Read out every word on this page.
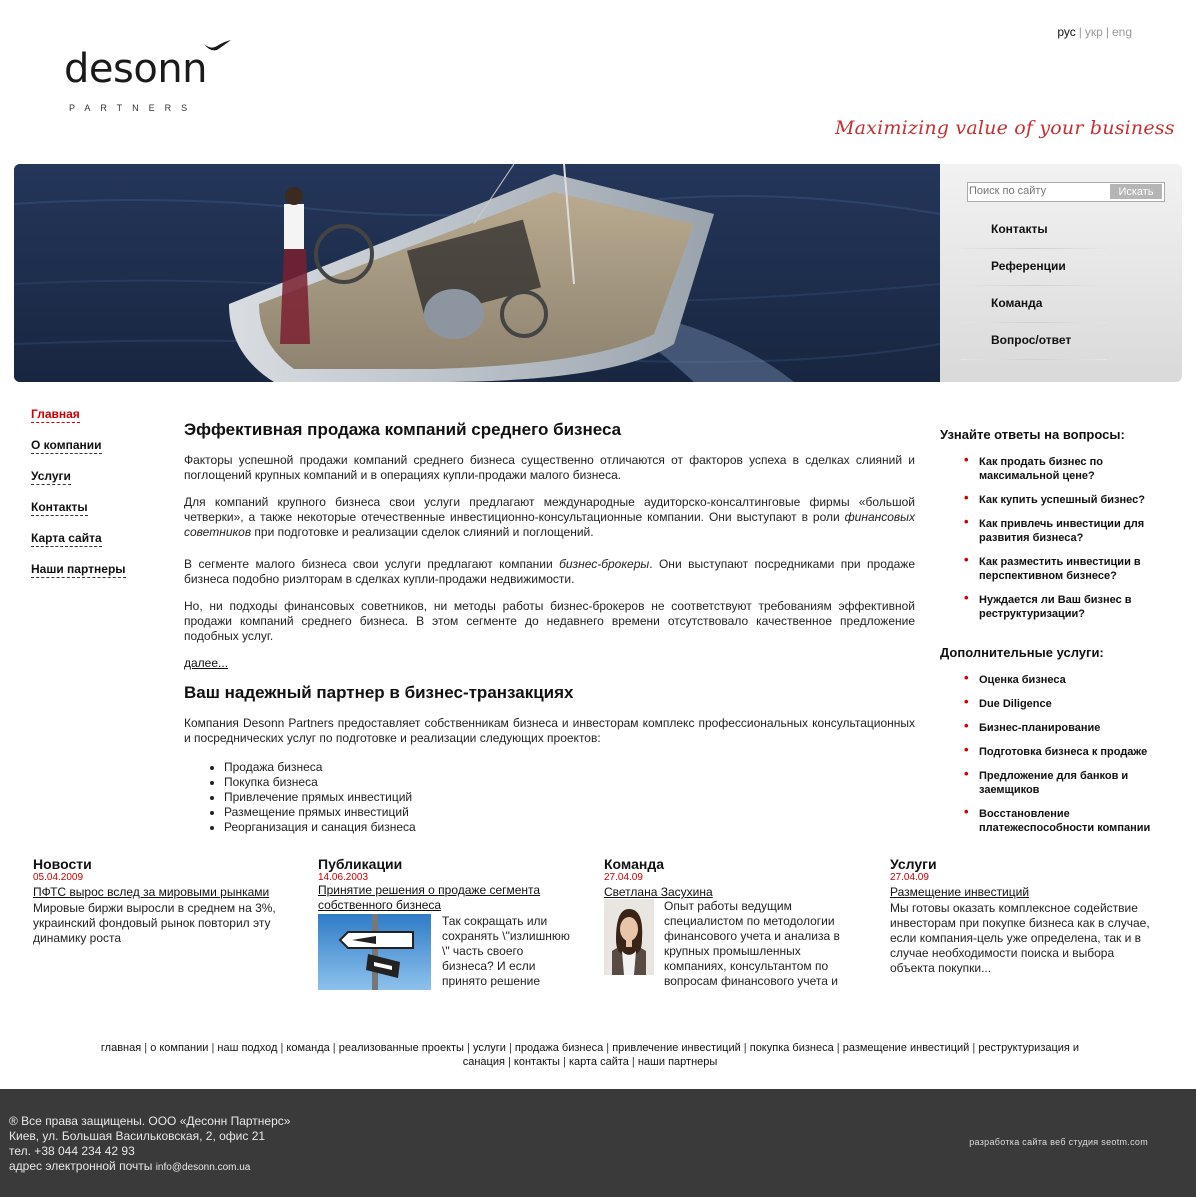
desonn
PARTNERS
рус | укр | eng
Maximizing value of your business
Поиск по сайту
Искать
Контакты
Референции
Команда
Вопрос/ответ
Главная
О компании
Услуги
Контакты
Карта сайта
Наши партнеры
Эффективная продажа компаний среднего бизнеса

Факторы успешной продажи компаний среднего бизнеса существенно отличаются от факторов успеха в сделках слияний и поглощений крупных компаний и в операциях купли-продажи малого бизнеса.

Для компаний крупного бизнеса свои услуги предлагают международные аудиторско-консалтинговые фирмы «большой четверки», а также некоторые отечественные инвестиционно-консультационные компании. Они выступают в роли финансовых советников при подготовке и реализации сделок слияний и поглощений.

В сегменте малого бизнеса свои услуги предлагают компании бизнес-брокеры. Они выступают посредниками при продаже бизнеса подобно риэлторам в сделках купли-продажи недвижимости.

Но, ни подходы финансовых советников, ни методы работы бизнес-брокеров не соответствуют требованиям эффективной продажи компаний среднего бизнеса. В этом сегменте до недавнего времени отсутствовало качественное предложение подобных услуг.

далее...

Ваш надежный партнер в бизнес-транзакциях

Компания Desonn Partners предоставляет собственникам бизнеса и инвесторам комплекс профессиональных консультационных и посреднических услуг по подготовке и реализации следующих проектов:

• Продажа бизнеса
• Покупка бизнеса
• Привлечение прямых инвестиций
• Размещение прямых инвестиций
• Реорганизация и санация бизнеса
Узнайте ответы на вопросы:
• Как продать бизнес по максимальной цене?
• Как купить успешный бизнес?
• Как привлечь инвестиции для развития бизнеса?
• Как разместить инвестиции в перспективном бизнесе?
• Нуждается ли Ваш бизнес в реструктуризации?
Дополнительные услуги:
• Оценка бизнеса
• Due Diligence
• Бизнес-планирование
• Подготовка бизнеса к продаже
• Предложение для банков и заемщиков
• Восстановление платежеспособности компании
Новости
05.04.2009
ПФТС вырос вслед за мировыми рынками
Мировые биржи выросли в среднем на 3%, украинский фондовый рынок повторил эту динамику роста
Публикации
14.06.2003
Принятие решения о продаже сегмента собственного бизнеса
Так сокращать или сохранять \"излишнюю \" часть своего бизнеса? И если принято решение
Команда
27.04.09
Светлана Засухина
Опыт работы ведущим специалистом по методологии финансового учета и анализа в крупных промышленных компаниях, консультантом по вопросам финансового учета и
Услуги
27.04.09
Размещение инвестиций
Мы готовы оказать комплексное содействие инвесторам при покупке бизнеса как в случае, если компания-цель уже определена, так и в случае необходимости поиска и выбора объекта покупки...
главная | о компании | наш подход | команда | реализованные проекты | услуги | продажа бизнеса | привлечение инвестиций | покупка бизнеса | размещение инвестиций | реструктуризация и санация | контакты | карта сайта | наши партнеры
® Все права защищены. ООО «Десонн Партнерс»
Киев, ул. Большая Васильковская, 2, офис 21
тел. +38 044 234 42 93
адрес электронной почты info@desonn.com.ua
разработка сайта веб студия seotm.com
